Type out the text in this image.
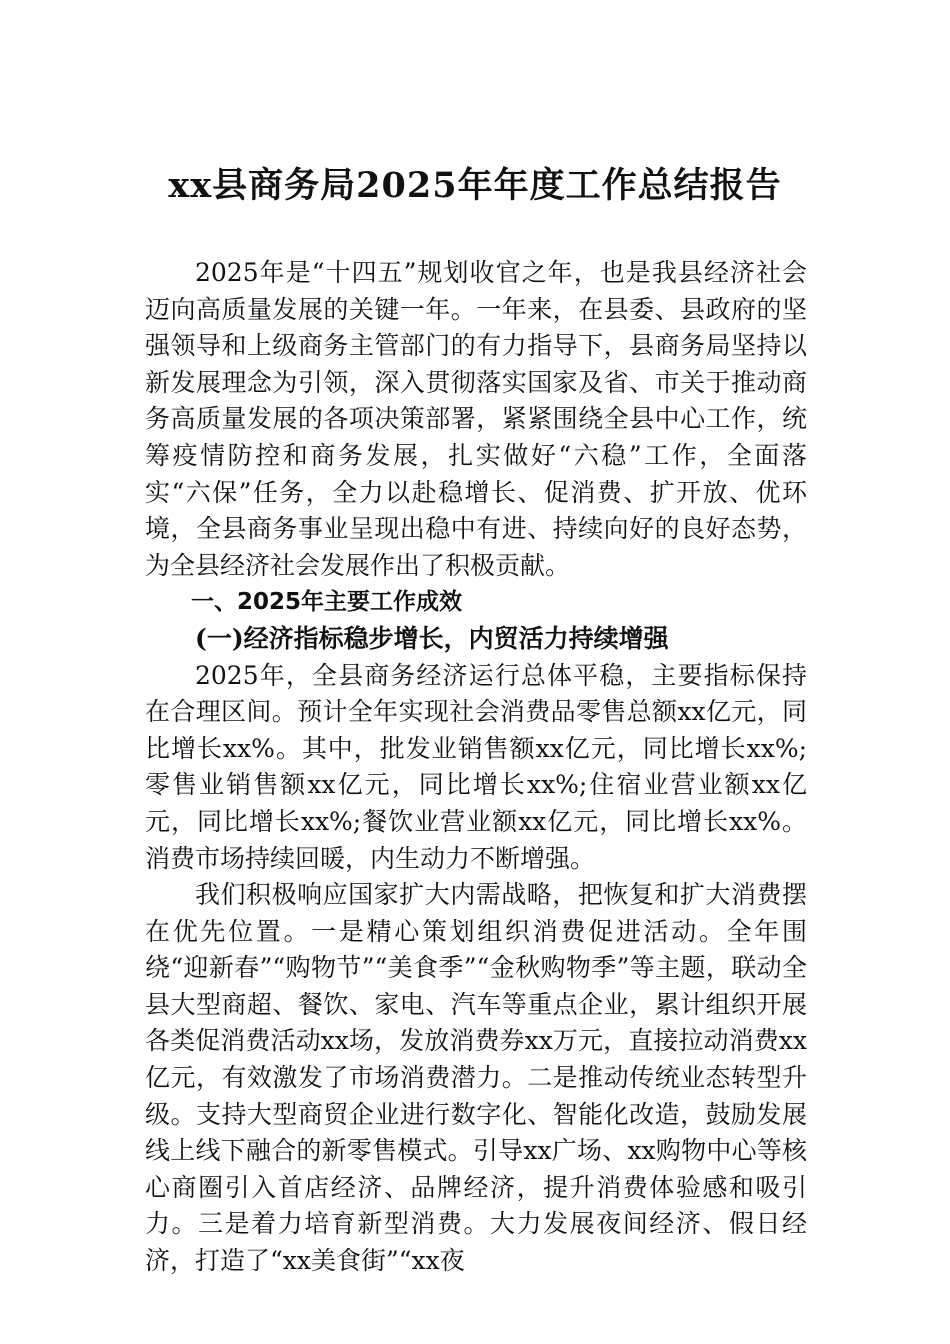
xx县商务局2025年年度工作总结报告

2025年是“十四五”规划收官之年，也是我县经济社会迈向高质量发展的关键一年。一年来，在县委、县政府的坚强领导和上级商务主管部门的有力指导下，县商务局坚持以新发展理念为引领，深入贯彻落实国家及省、市关于推动商务高质量发展的各项决策部署，紧紧围绕全县中心工作，统筹疫情防控和商务发展，扎实做好“六稳”工作，全面落实“六保”任务，全力以赴稳增长、促消费、扩开放、优环境，全县商务事业呈现出稳中有进、持续向好的良好态势，为全县经济社会发展作出了积极贡献。

一、2025年主要工作成效

(一)经济指标稳步增长，内贸活力持续增强

2025年，全县商务经济运行总体平稳，主要指标保持在合理区间。预计全年实现社会消费品零售总额xx亿元，同比增长xx%。其中，批发业销售额xx亿元，同比增长xx%;零售业销售额xx亿元，同比增长xx%;住宿业营业额xx亿元，同比增长xx%;餐饮业营业额xx亿元，同比增长xx%。消费市场持续回暖，内生动力不断增强。

我们积极响应国家扩大内需战略，把恢复和扩大消费摆在优先位置。一是精心策划组织消费促进活动。全年围绕“迎新春”“购物节”“美食季”“金秋购物季”等主题，联动全县大型商超、餐饮、家电、汽车等重点企业，累计组织开展各类促消费活动xx场，发放消费券xx万元，直接拉动消费xx亿元，有效激发了市场消费潜力。二是推动传统业态转型升级。支持大型商贸企业进行数字化、智能化改造，鼓励发展线上线下融合的新零售模式。引导xx广场、xx购物中心等核心商圈引入首店经济、品牌经济，提升消费体验感和吸引力。三是着力培育新型消费。大力发展夜间经济、假日经济，打造了“xx美食街”“xx夜
